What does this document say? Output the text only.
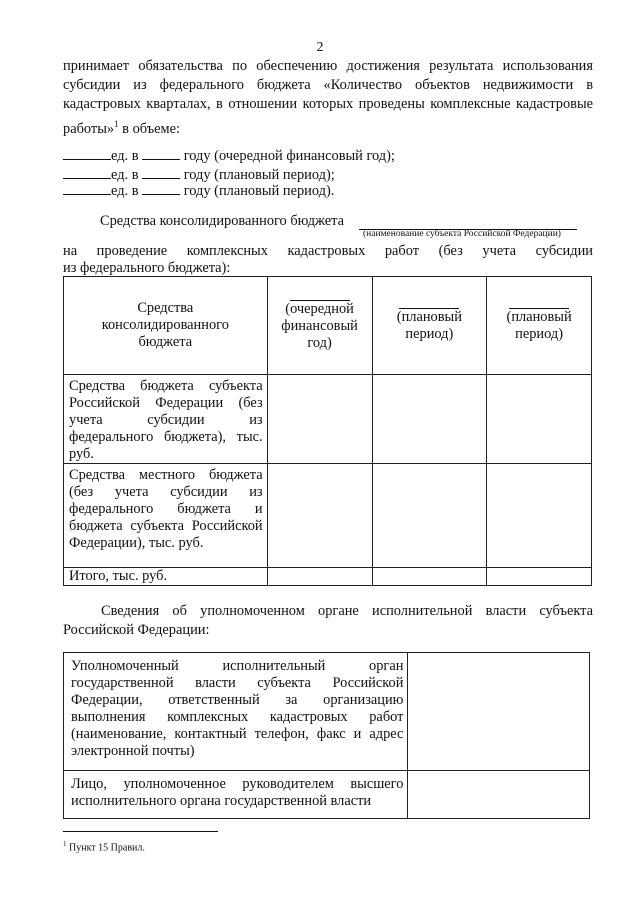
2
принимает обязательства по обеспечению достижения результата использования субсидии из федерального бюджета «Количество объектов недвижимости в кадастровых кварталах, в отношении которых проведены комплексные кадастровые работы»$^1$ в объеме:
ед. в	году (очередной финансовый год);
ед. в	году (плановый период);
ед. в	году (плановый период).
Средства консолидированного бюджета
(наименование субъекта Российской Федерации)
на проведение комплексных кадастровых работ (без учета субсидии
из федерального бюджета):
Средства консолидированного бюджета	(очередной финансовый год)	(плановый период)	(плановый период)

Средства бюджета субъекта Российской Федерации (без учета субсидии из федерального бюджета), тыс. руб.			
Средства местного бюджета (без учета субсидии из федерального бюджета и бюджета субъекта Российской Федерации), тыс. руб.			
Итого, тыс. руб.			
Сведения об уполномоченном органе исполнительной власти субъекта Российской Федерации:
Уполномоченный исполнительный орган государственной власти субъекта Российской Федерации, ответственный за организацию выполнения комплексных кадастровых работ (наименование, контактный телефон, факс и адрес электронной почты)	
Лицо, уполномоченное руководителем высшего исполнительного органа государственной власти	
$^1$ Пункт 15 Правил.
